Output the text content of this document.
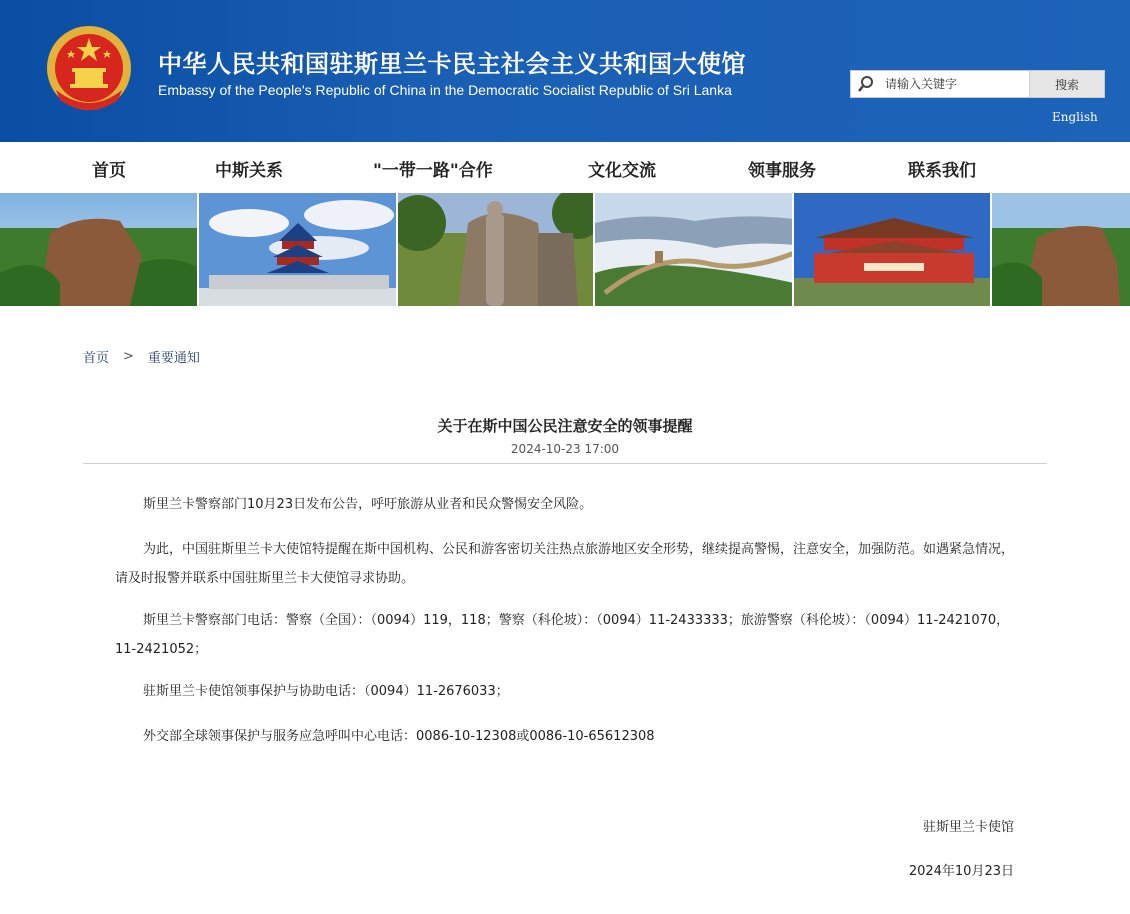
中华人民共和国驻斯里兰卡民主社会主义共和国大使馆
Embassy of the People's Republic of China in the Democratic Socialist Republic of Sri Lanka
请输入关键字	搜索
English
首页	中斯关系	"一带一路"合作	文化交流	领事服务	联系我们
首页 > 重要通知
关于在斯中国公民注意安全的领事提醒
2024-10-23 17:00

斯里兰卡警察部门10月23日发布公告，呼吁旅游从业者和民众警惕安全风险。

为此，中国驻斯里兰卡大使馆特提醒在斯中国机构、公民和游客密切关注热点旅游地区安全形势，继续提高警惕，注意安全，加强防范。如遇紧急情况，请及时报警并联系中国驻斯里兰卡大使馆寻求协助。

斯里兰卡警察部门电话：警察（全国）：（0094）119，118；警察（科伦坡）：（0094）11-2433333；旅游警察（科伦坡）：（0094）11-2421070，11-2421052；

驻斯里兰卡使馆领事保护与协助电话：（0094）11-2676033；

外交部全球领事保护与服务应急呼叫中心电话：0086-10-12308或0086-10-65612308

驻斯里兰卡使馆
2024年10月23日
